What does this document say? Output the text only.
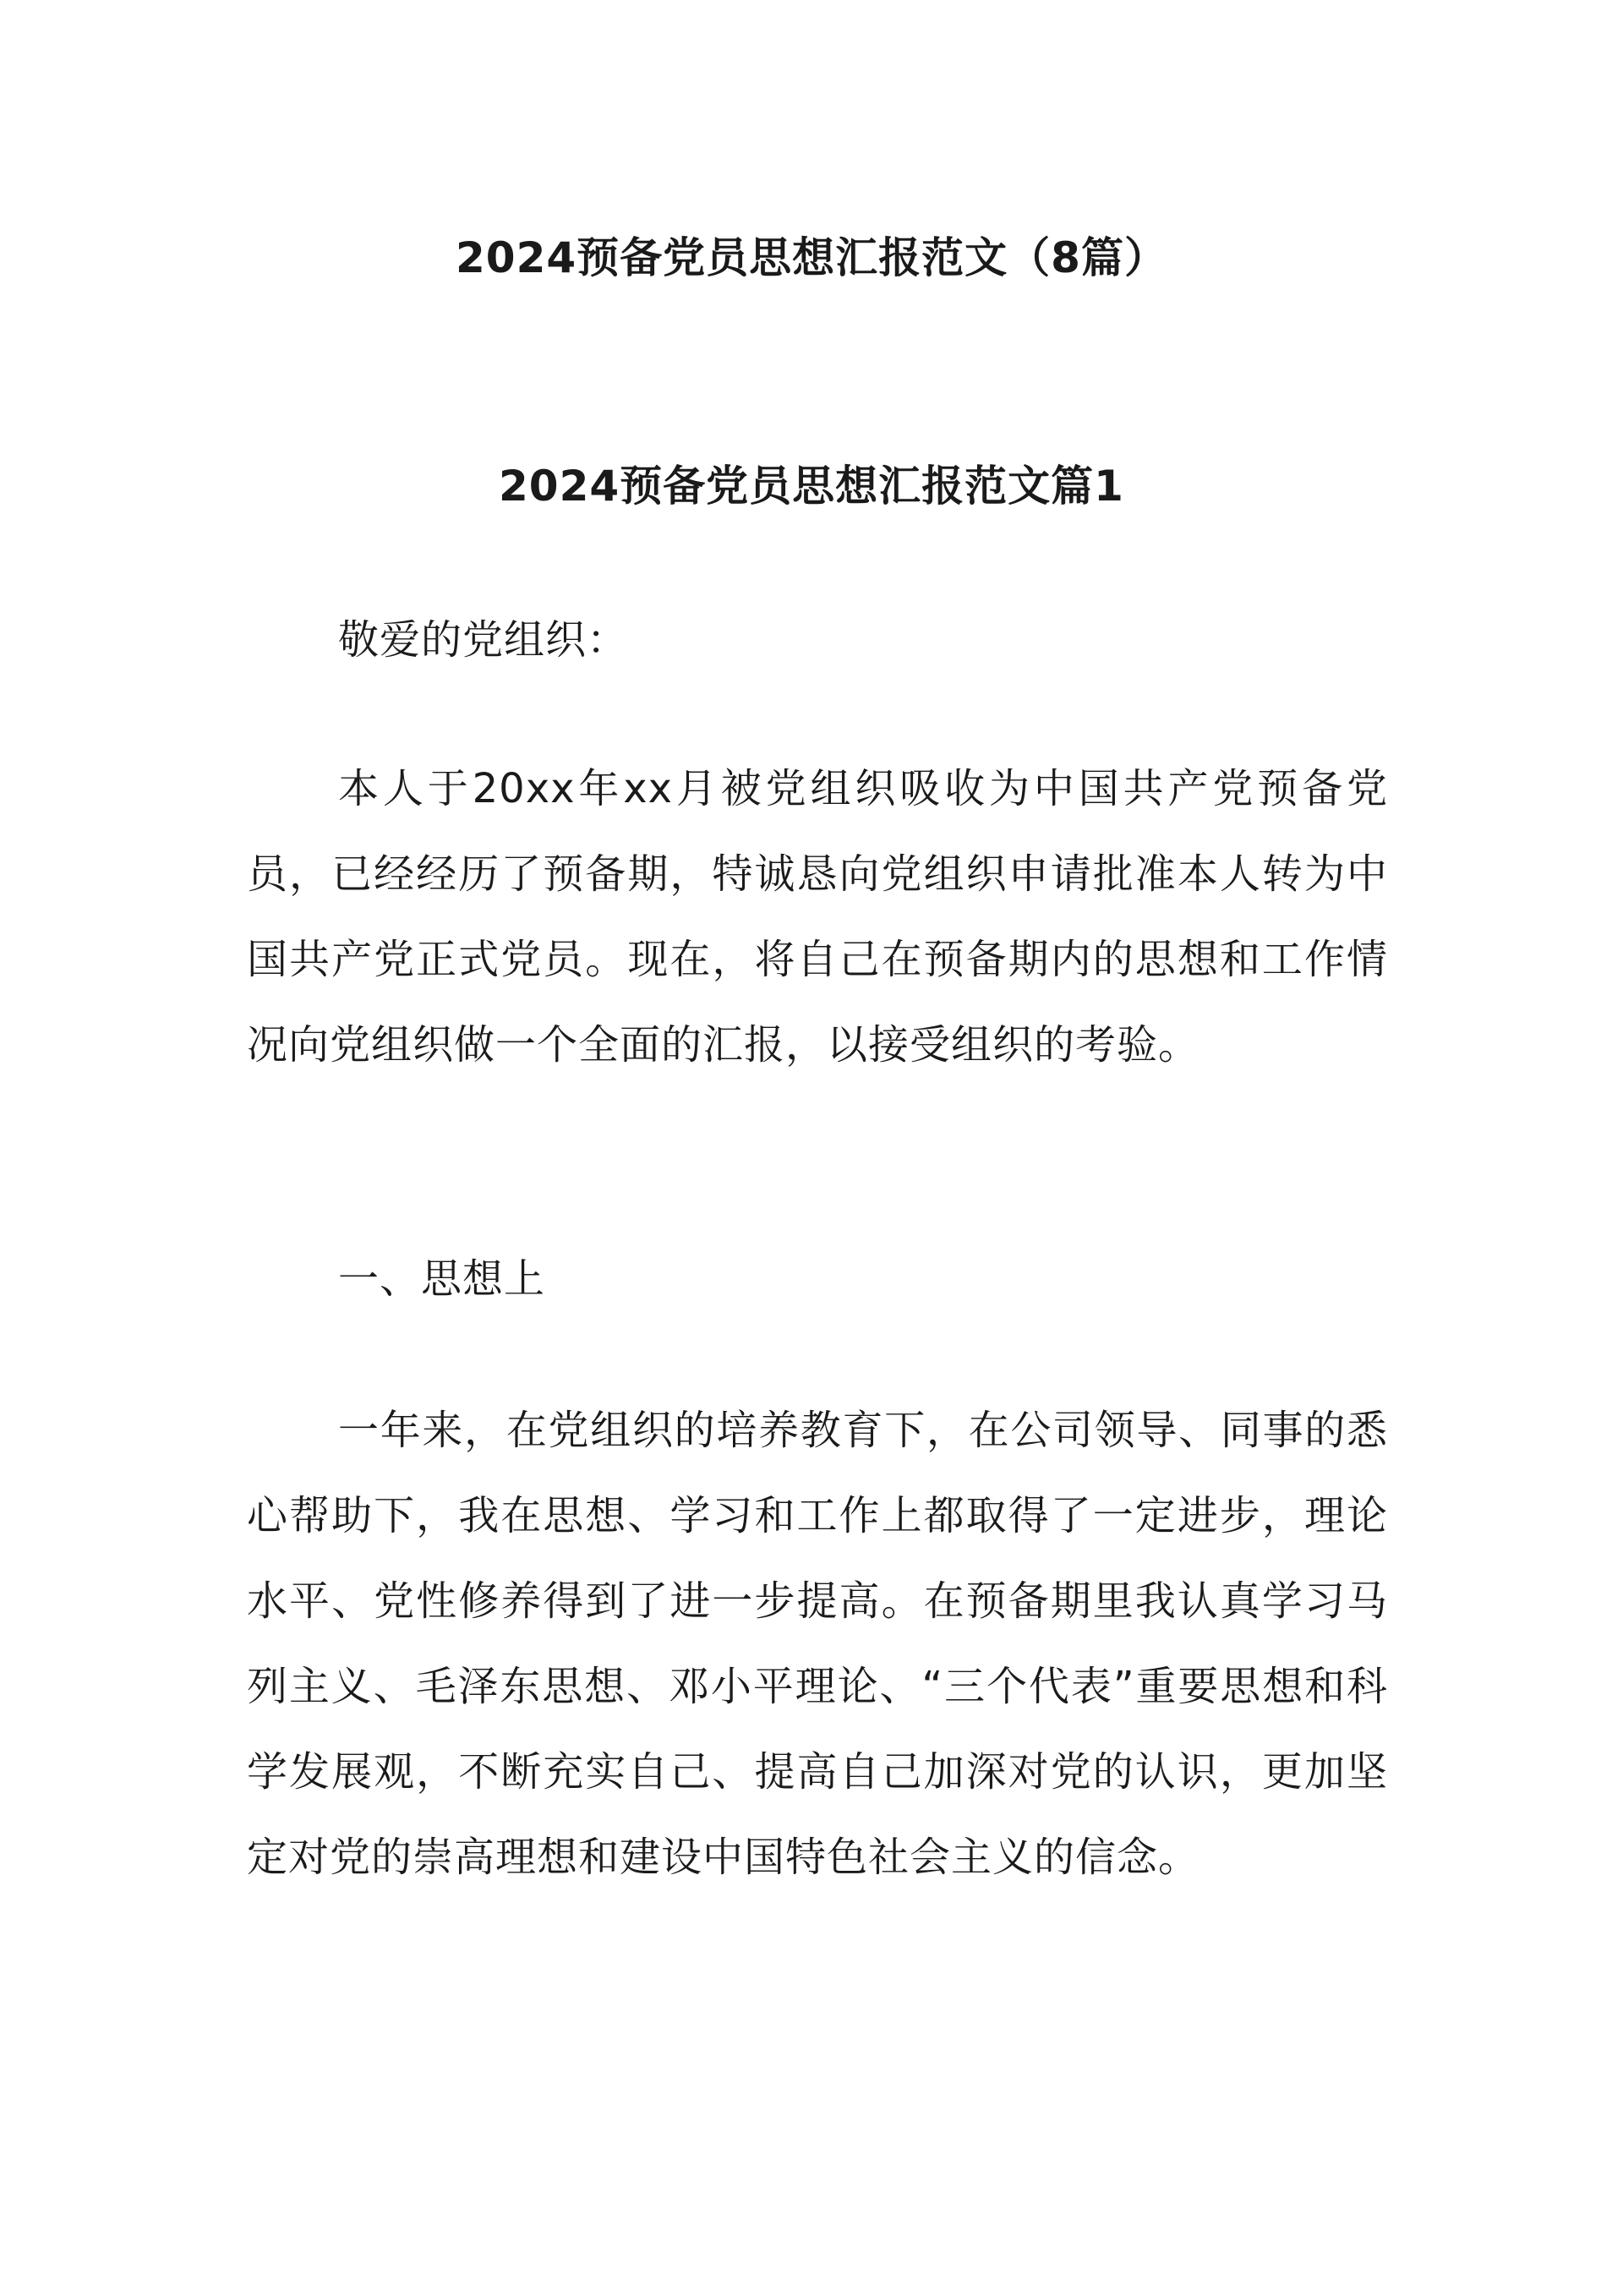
2024预备党员思想汇报范文（8篇）
2024预备党员思想汇报范文篇1

敬爱的党组织：

本人于20xx年xx月被党组织吸收为中国共产党预备党员，已经经历了预备期，特诚恳向党组织申请批准本人转为中国共产党正式党员。现在，将自己在预备期内的思想和工作情况向党组织做一个全面的汇报，以接受组织的考验。

一、思想上

一年来，在党组织的培养教育下，在公司领导、同事的悉心帮助下，我在思想、学习和工作上都取得了一定进步，理论水平、党性修养得到了进一步提高。在预备期里我认真学习马列主义、毛泽东思想、邓小平理论、“三个代表”重要思想和科学发展观，不断充实自己、提高自己加深对党的认识，更加坚定对党的崇高理想和建设中国特色社会主义的信念。
